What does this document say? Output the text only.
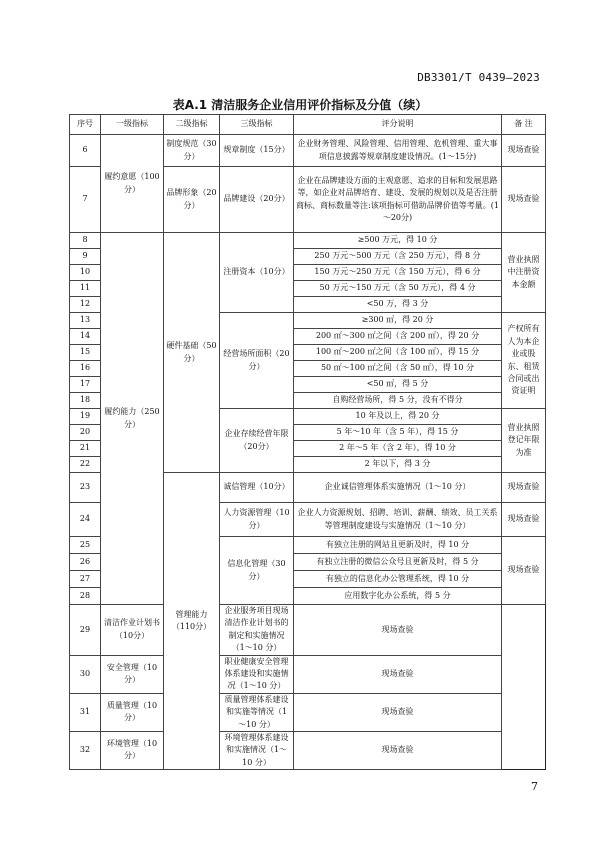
DB3301/T 0439—2023
表A.1 清洁服务企业信用评价指标及分值（续）
序号	一级指标	二级指标	三级指标	评分说明	备 注
6	履约意愿（100分）	制度规范（30分）	规章制度（15分）	企业财务管理、风险管理、信用管理、危机管理、重大事项信息披露等规章制度建设情况。(1～15分)	现场查验
7		品牌形象（20分）	品牌建设（20分）	企业在品牌建设方面的主观意愿、追求的目标和发展思路等，如企业对品牌培育、建设、发展的规划以及是否注册商标、商标数量等注:该项指标可借助品牌价值等考量。(1～20分)	现场查验
8	履约能力（250分）	硬件基础（50分）	注册资本（10分）	≥500 万元，得 10 分	营业执照中注册资本金额
9				250 万元～500 万元（含 250 万元），得 8 分	
10				150 万元～250 万元（含 150 万元），得 6 分	
11				50 万元～150 万元（含 50 万元），得 4 分	
12				<50 万，得 3 分	
13			经营场所面积（20分）	≥300 ㎡，得 20 分	产权所有人为本企业或股东、租赁合同或出资证明
14				200 ㎡～300 ㎡之间（含 200 ㎡），得 20 分	
15				100 ㎡～200 ㎡之间（含 100 ㎡），得 15 分	
16				50 ㎡～100 ㎡之间（含 50 ㎡），得 10 分	
17				<50 ㎡，得 5 分	
18				自购经营场所，得 5 分，没有不得分	
19			企业存续经营年限（20分）	10 年及以上，得 20 分	营业执照登记年限为准
20				5 年～10 年（含 5 年），得 15 分	
21				2 年～5 年（含 2 年），得 10 分	
22				2 年以下，得 3 分	
23		管理能力（110分）	诚信管理（10分）	企业诚信管理体系实施情况（1～10 分）	现场查验
24			人力资源管理（10分）	企业人力资源规划、招聘、培训、薪酬、绩效、员工关系等管理制度建设与实施情况（1～10 分）	现场查验
25			信息化管理（30分）	有独立注册的网站且更新及时，得 10 分	现场查验
26				有独立注册的微信公众号且更新及时，得 5 分	
27				有独立的信息化办公管理系统，得 10 分	
28				应用数字化办公系统，得 5 分	
29	清洁作业计划书（10分）		企业服务项目现场清洁作业计划书的制定和实施情况（1～10 分）	现场查验	
30	安全管理（10分）		职业健康安全管理体系建设和实施情况（1～10 分）	现场查验	
31	质量管理（10分）		质量管理体系建设和实施等情况（1～10 分）	现场查验	
32	环境管理（10分）		环境管理体系建设和实施情况（1～10 分）	现场查验	
7
